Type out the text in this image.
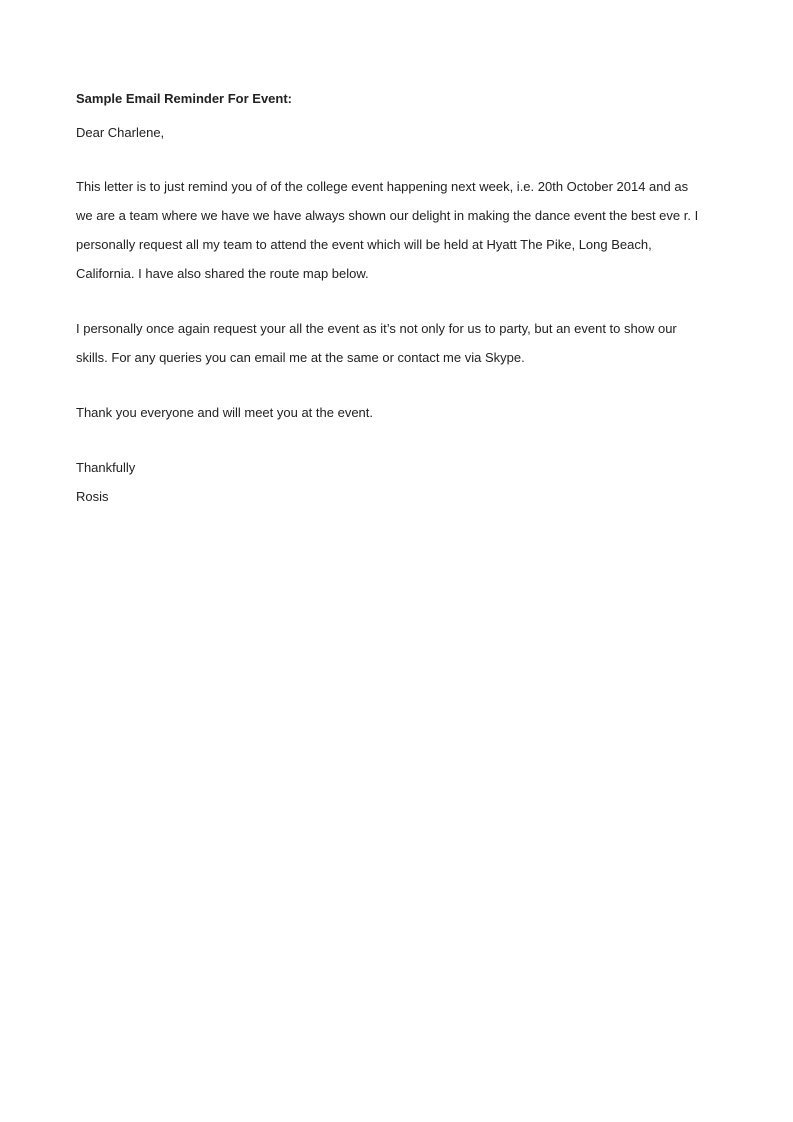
Sample Email Reminder For Event:

Dear Charlene,

This letter is to just remind you of of the college event happening next week, i.e. 20th October 2014 and as
we are a team where we have we have always shown our delight in making the dance event the best eve r. I
personally request all my team to attend the event which will be held at Hyatt The Pike, Long Beach,
California. I have also shared the route map below.

I personally once again request your all the event as it’s not only for us to party, but an event to show our
skills. For any queries you can email me at the same or contact me via Skype.

Thank you everyone and will meet you at the event.

Thankfully

Rosis
